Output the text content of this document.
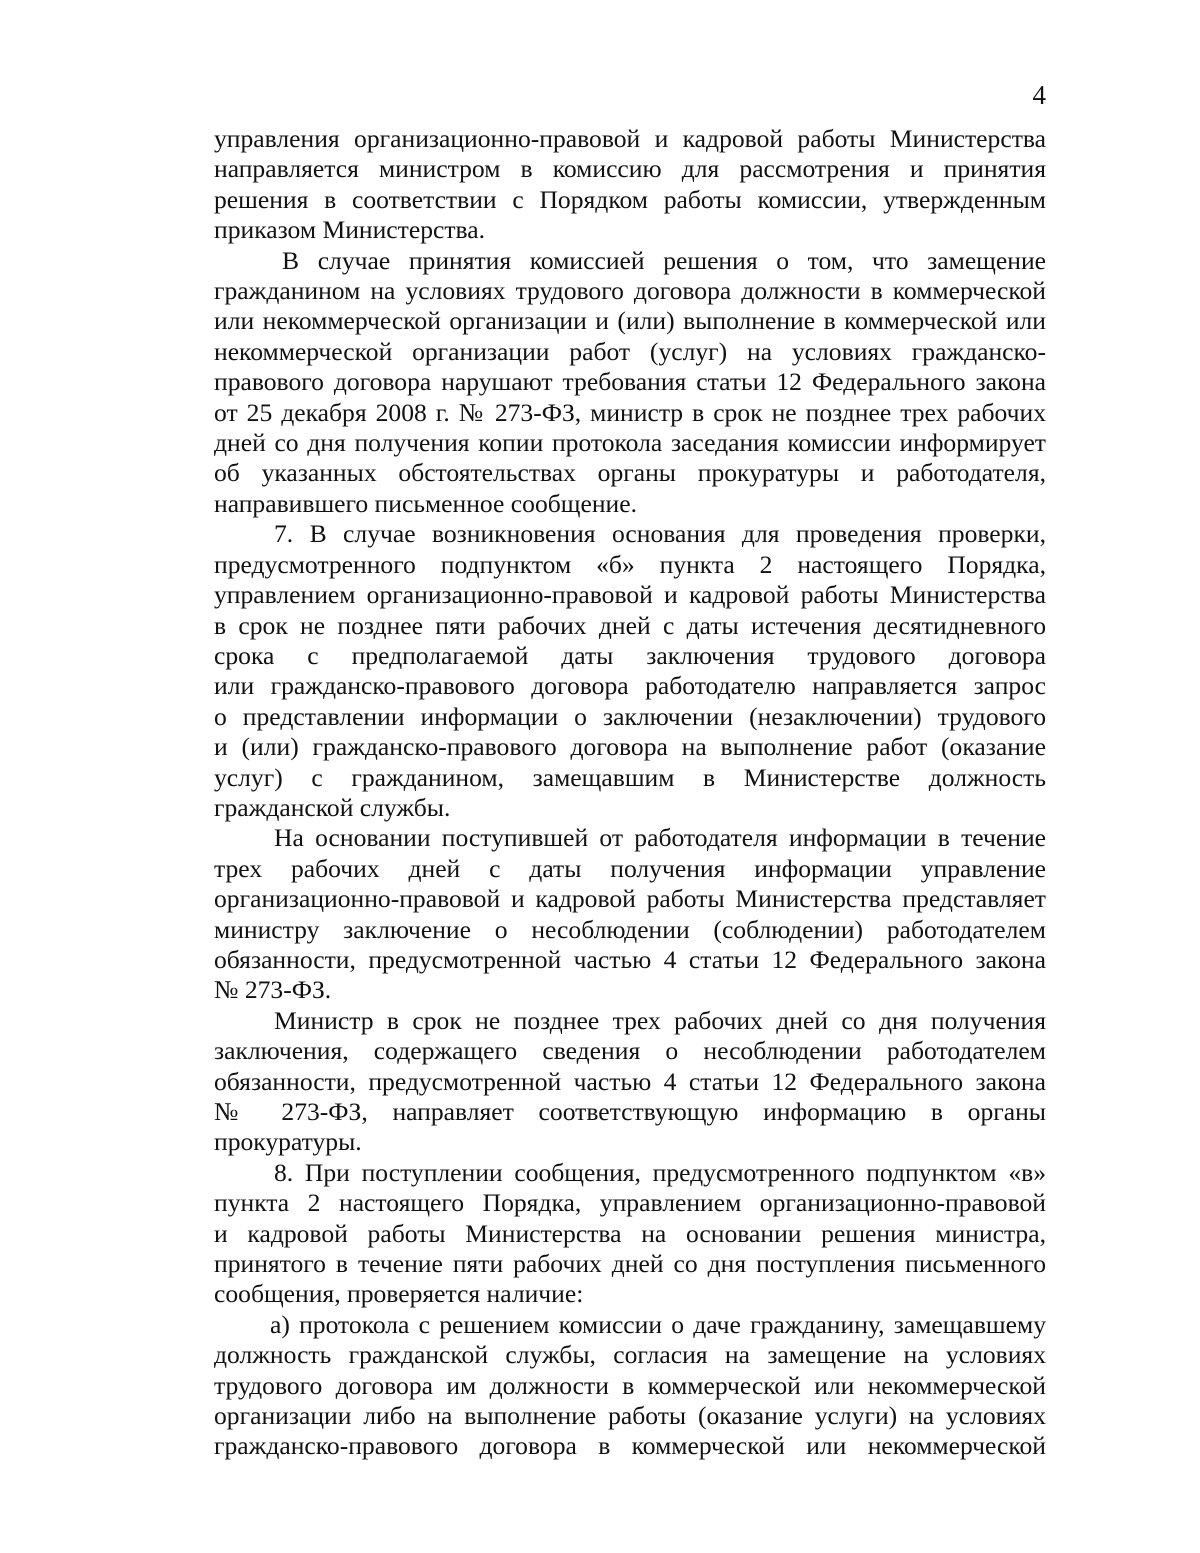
4
управления организационно-правовой и кадровой работы Министерства
направляется министром в комиссию для рассмотрения и принятия
решения в соответствии с Порядком работы комиссии, утвержденным
приказом Министерства.
В случае принятия комиссией решения о том, что замещение
гражданином на условиях трудового договора должности в коммерческой
или некоммерческой организации и (или) выполнение в коммерческой или
некоммерческой организации работ (услуг) на условиях гражданско-
правового договора нарушают требования статьи 12 Федерального закона
от 25 декабря 2008 г. № 273-ФЗ, министр в срок не позднее трех рабочих
дней со дня получения копии протокола заседания комиссии информирует
об указанных обстоятельствах органы прокуратуры и работодателя,
направившего письменное сообщение.
7. В случае возникновения основания для проведения проверки,
предусмотренного подпунктом «б» пункта 2 настоящего Порядка,
управлением организационно-правовой и кадровой работы Министерства
в срок не позднее пяти рабочих дней с даты истечения десятидневного
срока с предполагаемой даты заключения трудового договора
или гражданско-правового договора работодателю направляется запрос
о представлении информации о заключении (незаключении) трудового
и (или) гражданско-правового договора на выполнение работ (оказание
услуг) с гражданином, замещавшим в Министерстве должность
гражданской службы.
На основании поступившей от работодателя информации в течение
трех рабочих дней с даты получения информации управление
организационно-правовой и кадровой работы Министерства представляет
министру заключение о несоблюдении (соблюдении) работодателем
обязанности, предусмотренной частью 4 статьи 12 Федерального закона
№ 273-ФЗ.
Министр в срок не позднее трех рабочих дней со дня получения
заключения, содержащего сведения о несоблюдении работодателем
обязанности, предусмотренной частью 4 статьи 12 Федерального закона
№ 273-ФЗ, направляет соответствующую информацию в органы
прокуратуры.
8. При поступлении сообщения, предусмотренного подпунктом «в»
пункта 2 настоящего Порядка, управлением организационно-правовой
и кадровой работы Министерства на основании решения министра,
принятого в течение пяти рабочих дней со дня поступления письменного
сообщения, проверяется наличие:
а) протокола с решением комиссии о даче гражданину, замещавшему
должность гражданской службы, согласия на замещение на условиях
трудового договора им должности в коммерческой или некоммерческой
организации либо на выполнение работы (оказание услуги) на условиях
гражданско-правового договора в коммерческой или некоммерческой
